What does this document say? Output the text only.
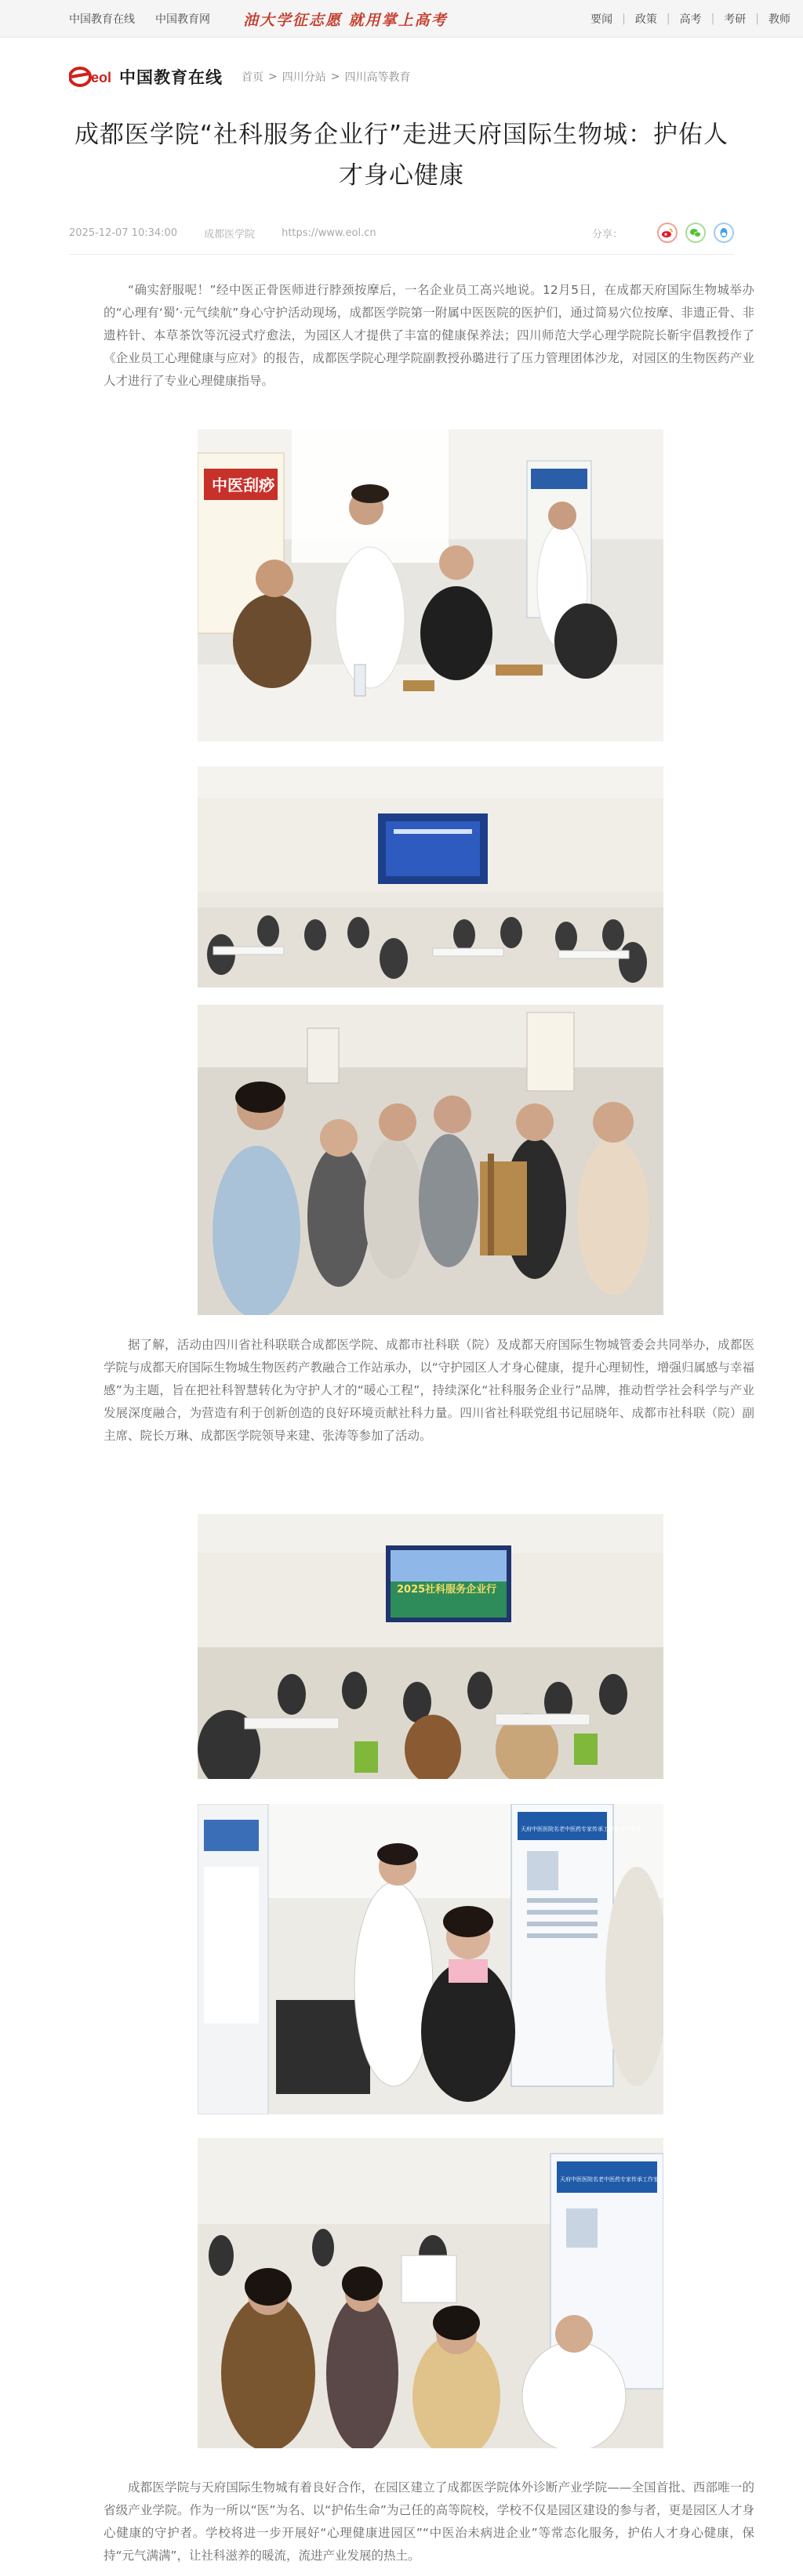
中国教育在线 中国教育网 油大学征志愿 就用掌上高考	要闻 | 政策 | 高考 | 考研 | 教师
eol 中国教育在线 首页 > 四川分站 > 四川高等教育
成都医学院“社科服务企业行”走进天府国际生物城：护佑人才身心健康
2025-12-07 10:34:00	成都医学院	https://www.eol.cn	分享：

“确实舒服呢！”经中医正骨医师进行脖颈按摩后，一名企业员工高兴地说。12月5日，在成都天府国际生物城举办的“心理有‘蜀’·元气续航”身心守护活动现场，成都医学院第一附属中医医院的医护们，通过简易穴位按摩、非遗正骨、非遗杵针、本草茶饮等沉浸式疗愈法，为园区人才提供了丰富的健康保养法；四川师范大学心理学院院长靳宇倡教授作了《企业员工心理健康与应对》的报告，成都医学院心理学院副教授孙璐进行了压力管理团体沙龙，对园区的生物医药产业人才进行了专业心理健康指导。

中医刮痧

据了解，活动由四川省社科联联合成都医学院、成都市社科联（院）及成都天府国际生物城管委会共同举办，成都医学院与成都天府国际生物城生物医药产教融合工作站承办，以“守护园区人才身心健康，提升心理韧性，增强归属感与幸福感”为主题，旨在把社科智慧转化为守护人才的“暖心工程”，持续深化“社科服务企业行”品牌，推动哲学社会科学与产业发展深度融合，为营造有利于创新创造的良好环境贡献社科力量。四川省社科联党组书记屈晓年、成都市社科联（院）副主席、院长万琳、成都医学院领导来建、张涛等参加了活动。

2025社科服务企业行
天府中医医院名老中医药专家传承工作室专家简介
天府中医医院名老中医药专家传承工作室

成都医学院与天府国际生物城有着良好合作，在园区建立了成都医学院体外诊断产业学院——全国首批、西部唯一的省级产业学院。作为一所以“医”为名、以“护佑生命”为己任的高等院校，学校不仅是园区建设的参与者，更是园区人才身心健康的守护者。学校将进一步开展好“心理健康进园区”“中医治未病进企业”等常态化服务，护佑人才身心健康，保持“元气满满”，让社科滋养的暖流，流进产业发展的热土。
